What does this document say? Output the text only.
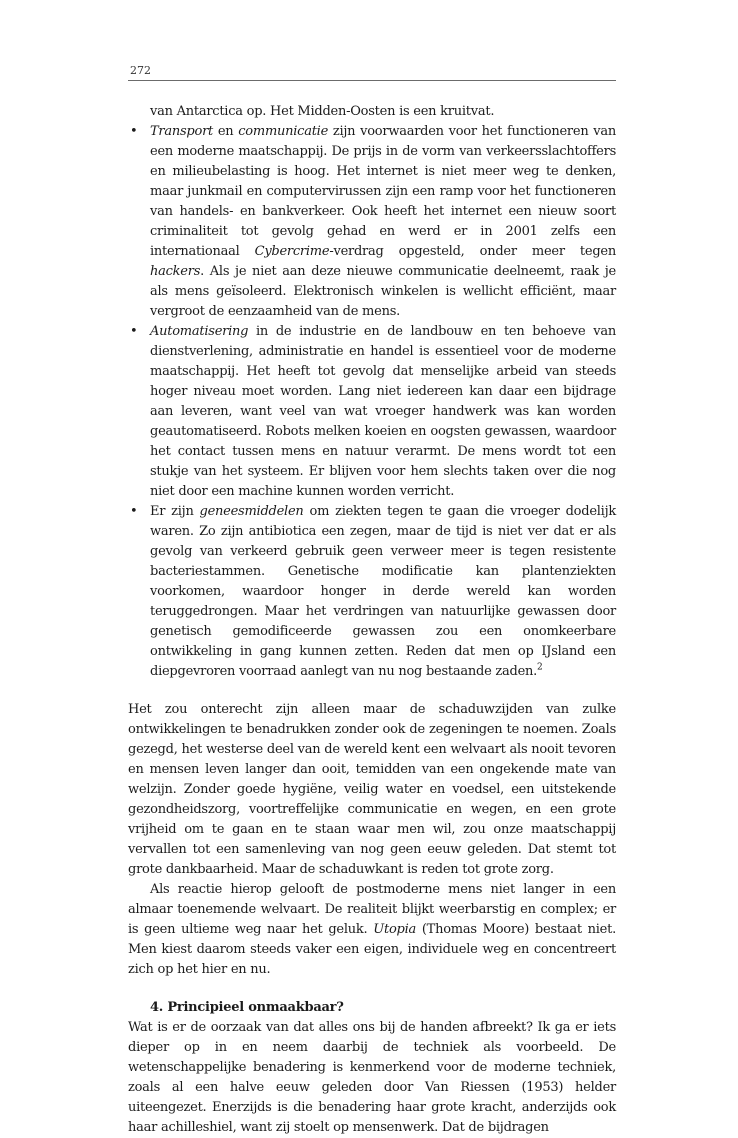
272

van Antarctica op. Het Midden-Oosten is een kruitvat.

• Transport en communicatie zijn voorwaarden voor het functioneren van een moderne maatschappij. De prijs in de vorm van verkeersslachtoffers en milieubelasting is hoog. Het internet is niet meer weg te denken, maar junkmail en computervirussen zijn een ramp voor het functioneren van handels- en bankverkeer. Ook heeft het internet een nieuw soort criminaliteit tot gevolg gehad en werd er in 2001 zelfs een internationaal Cybercrime-verdrag opgesteld, onder meer tegen hackers. Als je niet aan deze nieuwe communicatie deelneemt, raak je als mens geïsoleerd. Elektronisch winkelen is wellicht efficiënt, maar vergroot de eenzaamheid van de mens.
• Automatisering in de industrie en de landbouw en ten behoeve van dienstverlening, administratie en handel is essentieel voor de moderne maatschappij. Het heeft tot gevolg dat menselijke arbeid van steeds hoger niveau moet worden. Lang niet iedereen kan daar een bijdrage aan leveren, want veel van wat vroeger handwerk was kan worden geautomatiseerd. Robots melken koeien en oogsten gewassen, waardoor het contact tussen mens en natuur verarmt. De mens wordt tot een stukje van het systeem. Er blijven voor hem slechts taken over die nog niet door een machine kunnen worden verricht.
• Er zijn geneesmiddelen om ziekten tegen te gaan die vroeger dodelijk waren. Zo zijn antibiotica een zegen, maar de tijd is niet ver dat er als gevolg van verkeerd gebruik geen verweer meer is tegen resistente bacteriestammen. Genetische modificatie kan plantenziekten voorkomen, waardoor honger in derde wereld kan worden teruggedrongen. Maar het verdringen van natuurlijke gewassen door genetisch gemodificeerde gewassen zou een onomkeerbare ontwikkeling in gang kunnen zetten. Reden dat men op IJsland een diepgevroren voorraad aanlegt van nu nog bestaande zaden.$^2$

Het zou onterecht zijn alleen maar de schaduwzijden van zulke ontwikkelingen te benadrukken zonder ook de zegeningen te noemen. Zoals gezegd, het westerse deel van de wereld kent een welvaart als nooit tevoren en mensen leven langer dan ooit, temidden van een ongekende mate van welzijn. Zonder goede hygiëne, veilig water en voedsel, een uitstekende gezondheidszorg, voortreffelijke communicatie en wegen, en een grote vrijheid om te gaan en te staan waar men wil, zou onze maatschappij vervallen tot een samenleving van nog geen eeuw geleden. Dat stemt tot grote dankbaarheid. Maar de schaduwkant is reden tot grote zorg.

Als reactie hierop gelooft de postmoderne mens niet langer in een almaar toenemende welvaart. De realiteit blijkt weerbarstig en complex; er is geen ultieme weg naar het geluk. Utopia (Thomas Moore) bestaat niet. Men kiest daarom steeds vaker een eigen, individuele weg en concentreert zich op het hier en nu.

4. Principieel onmaakbaar?

Wat is er de oorzaak van dat alles ons bij de handen afbreekt? Ik ga er iets dieper op in en neem daarbij de techniek als voorbeeld. De wetenschappelijke benadering is kenmerkend voor de moderne techniek, zoals al een halve eeuw geleden door Van Riessen (1953) helder uiteengezet. Enerzijds is die benadering haar grote kracht, anderzijds ook haar achilleshiel, want zij stoelt op mensenwerk. Dat de bijdragen
